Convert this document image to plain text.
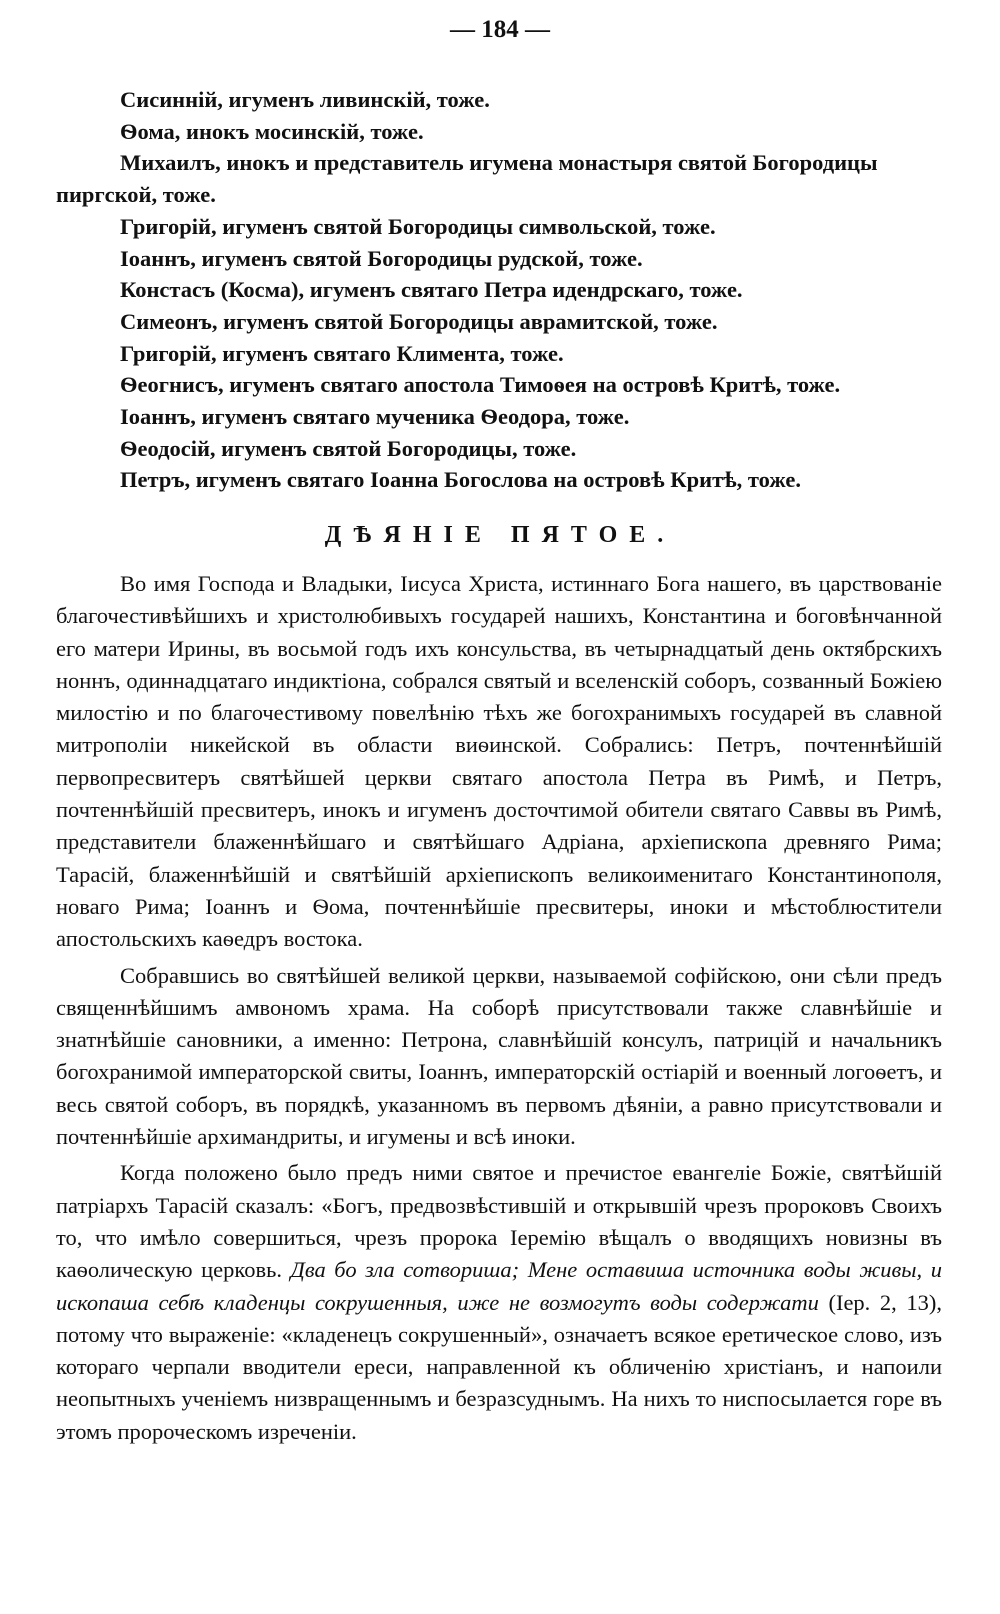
— 184 —

Сисинній, игуменъ ливинскій, тоже.

Ѳома, инокъ мосинскій, тоже.

Михаилъ, инокъ и представитель игумена монастыря святой Богородицы пиргской, тоже.

Григорій, игуменъ святой Богородицы символьской, тоже.

Іоаннъ, игуменъ святой Богородицы рудской, тоже.

Констасъ (Косма), игуменъ святаго Петра идендрскаго, тоже.

Симеонъ, игуменъ святой Богородицы аврамитской, тоже.

Григорій, игуменъ святаго Климента, тоже.

Ѳеогнисъ, игуменъ святаго апостола Тимоѳея на островѣ Критѣ, тоже.

Іоаннъ, игуменъ святаго мученика Ѳеодора, тоже.

Ѳеодосій, игуменъ святой Богородицы, тоже.

Петръ, игуменъ святаго Іоанна Богослова на островѣ Критѣ, тоже.

ДѢЯНІЕ ПЯТОЕ.

Во имя Господа и Владыки, Іисуса Христа, истиннаго Бога нашего, въ царствованіе благочестивѣйшихъ и христолюбивыхъ государей нашихъ, Константина и боговѣнчанной его матери Ирины, въ восьмой годъ ихъ консульства, въ четырнадцатый день октябрскихъ ноннъ, одиннадцатаго индиктіона, собрался святый и вселенскій соборъ, созванный Божіею милостію и по благочестивому повелѣнію тѣхъ же богохранимыхъ государей въ славной митрополіи никейской въ области виѳинской. Собрались: Петръ, почтеннѣйшій первопресвитеръ святѣйшей церкви святаго апостола Петра въ Римѣ, и Петръ, почтеннѣйшій пресвитеръ, инокъ и игуменъ досточтимой обители святаго Саввы въ Римѣ, представители блаженнѣйшаго и святѣйшаго Адріана, архіепископа древняго Рима; Тарасій, блаженнѣйшій и святѣйшій архіепископъ великоименитаго Константинополя, новаго Рима; Іоаннъ и Ѳома, почтеннѣйшіе пресвитеры, иноки и мѣстоблюстители апостольскихъ каѳедръ востока.

Собравшись во святѣйшей великой церкви, называемой софійскою, они сѣли предъ священнѣйшимъ амвономъ храма. На соборѣ присутствовали также славнѣйшіе и знатнѣйшіе сановники, а именно: Петрона, славнѣйшій консулъ, патрицій и начальникъ богохранимой императорской свиты, Іоаннъ, императорскій остіарій и военный логоѳетъ, и весь святой соборъ, въ порядкѣ, указанномъ въ первомъ дѣяніи, а равно присутствовали и почтеннѣйшіе архимандриты, и игумены и всѣ иноки.

Когда положено было предъ ними святое и пречистое евангеліе Божіе, святѣйшій патріархъ Тарасій сказалъ: «Богъ, предвозвѣстившій и открывшій чрезъ пророковъ Своихъ то, что имѣло совершиться, чрезъ пророка Іеремію вѣщалъ о вводящихъ новизны въ каѳолическую церковь. Два бо зла сотвориша; Мене оставиша источника воды живы, и ископаша себѣ кладенцы сокрушенныя, иже не возмогутъ воды содержати (Іер. 2, 13), потому что выраженіе: «кладенецъ сокрушенный», означаетъ всякое еретическое слово, изъ котораго черпали вводители ереси, направленной къ обличенію христіанъ, и напоили неопытныхъ ученіемъ низвращеннымъ и безразсуднымъ. На нихъ то ниспосылается горе въ этомъ пророческомъ изреченіи.
